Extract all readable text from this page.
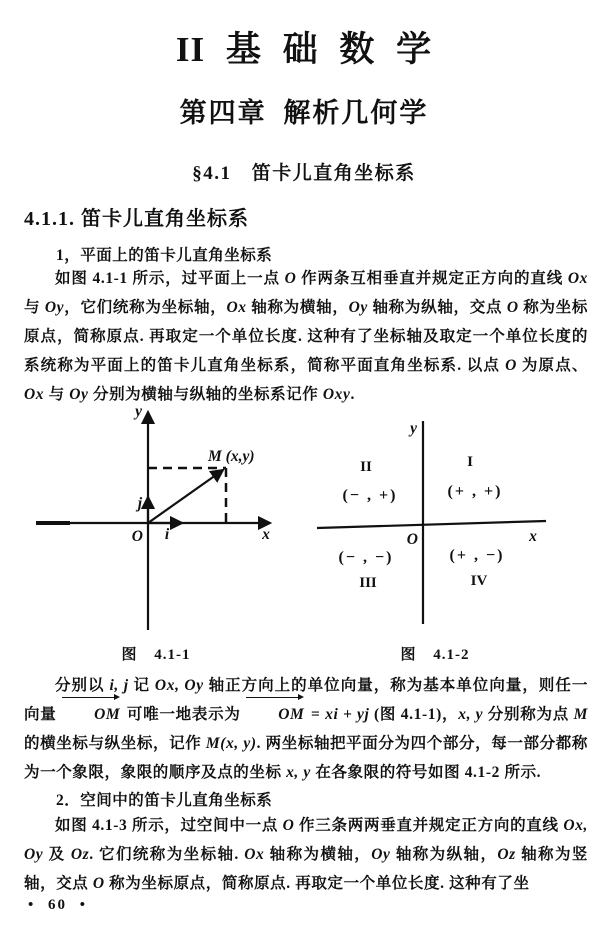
II 基 础 数 学
第四章 解析几何学
§4.1 笛卡儿直角坐标系
4.1.1. 笛卡儿直角坐标系
1，平面上的笛卡儿直角坐标系
如图 4.1-1 所示，过平面上一点 O 作两条互相垂直并规定正方向的直线 Ox 与 Oy，它们统称为坐标轴，Ox 轴称为横轴，Oy 轴称为纵轴，交点 O 称为坐标原点，简称原点. 再取定一个单位长度. 这种有了坐标轴及取定一个单位长度的系统称为平面上的笛卡儿直角坐标系，简称平面直角坐标系. 以点 O 为原点、Ox 与 Oy 分别为横轴与纵轴的坐标系记作 Oxy.
y
x
O
M (x,y)
i
j
图 4.1-1
y
x
O
II	I
(− , +)	(+ , +)
(− , −)	(+ , −)
III	IV
图 4.1-2
分别以 i, j 记 Ox, Oy 轴正方向上的单位向量，称为基本单位向量，则任一向量 OM 可唯一地表示为 OM = xi + yj (图 4.1-1)，x, y 分别称为点 M 的横坐标与纵坐标，记作 M(x, y). 两坐标轴把平面分为四个部分，每一部分都称为一个象限，象限的顺序及点的坐标 x, y 在各象限的符号如图 4.1-2 所示.
2．空间中的笛卡儿直角坐标系
如图 4.1-3 所示，过空间中一点 O 作三条两两垂直并规定正方向的直线 Ox, Oy 及 Oz. 它们统称为坐标轴. Ox 轴称为横轴，Oy 轴称为纵轴，Oz 轴称为竖轴，交点 O 称为坐标原点，简称原点. 再取定一个单位长度. 这种有了坐
• 60 •
